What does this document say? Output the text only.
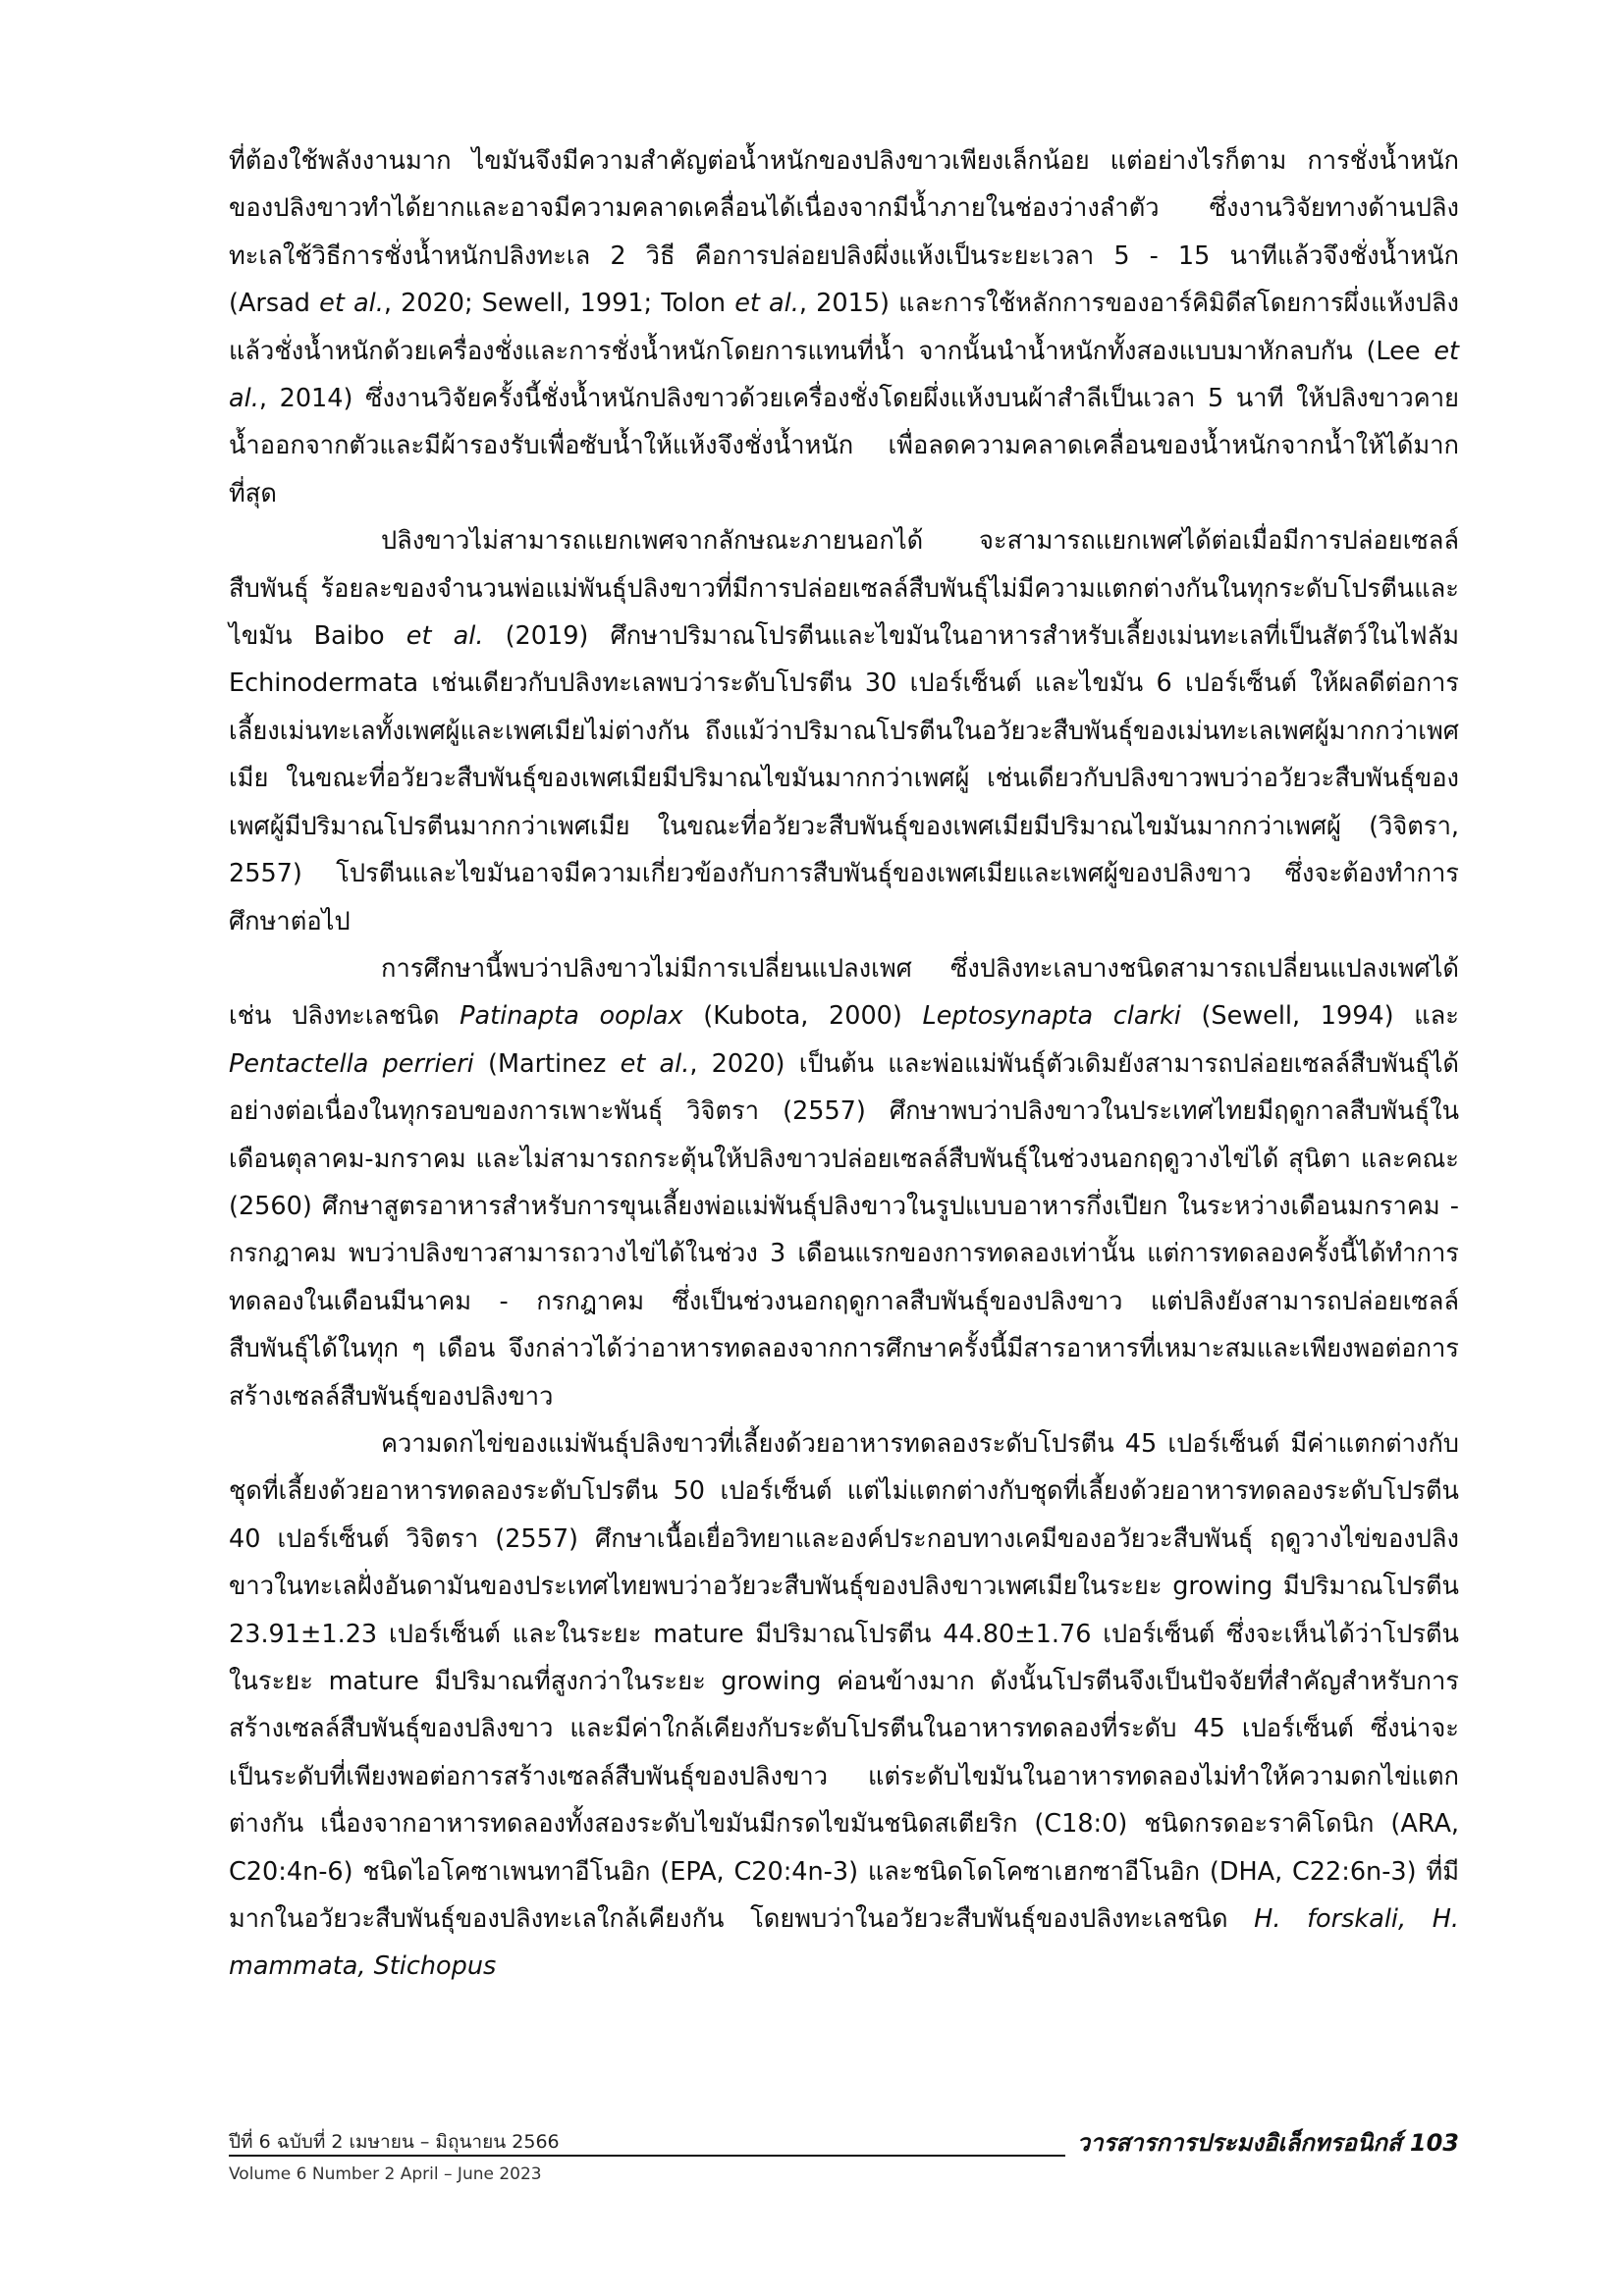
ที่ต้องใช้พลังงานมาก ไขมันจึงมีความสำคัญต่อน้ำหนักของปลิงขาวเพียงเล็กน้อย แต่อย่างไรก็ตาม การชั่งน้ำหนักของปลิงขาวทำได้ยากและอาจมีความคลาดเคลื่อนได้เนื่องจากมีน้ำภายในช่องว่างลำตัว ซึ่งงานวิจัยทางด้านปลิงทะเลใช้วิธีการชั่งน้ำหนักปลิงทะเล 2 วิธี คือการปล่อยปลิงผึ่งแห้งเป็นระยะเวลา 5 - 15 นาทีแล้วจึงชั่งน้ำหนัก (Arsad et al., 2020; Sewell, 1991; Tolon et al., 2015) และการใช้หลักการของอาร์คิมิดีสโดยการผึ่งแห้งปลิงแล้วชั่งน้ำหนักด้วยเครื่องชั่งและการชั่งน้ำหนักโดยการแทนที่น้ำ จากนั้นนำน้ำหนักทั้งสองแบบมาหักลบกัน (Lee et al., 2014) ซึ่งงานวิจัยครั้งนี้ชั่งน้ำหนักปลิงขาวด้วยเครื่องชั่งโดยผึ่งแห้งบนผ้าสำลีเป็นเวลา 5 นาที ให้ปลิงขาวคายน้ำออกจากตัวและมีผ้ารองรับเพื่อซับน้ำให้แห้งจึงชั่งน้ำหนัก เพื่อลดความคลาดเคลื่อนของน้ำหนักจากน้ำให้ได้มากที่สุด

ปลิงขาวไม่สามารถแยกเพศจากลักษณะภายนอกได้ จะสามารถแยกเพศได้ต่อเมื่อมีการปล่อยเซลล์สืบพันธุ์ ร้อยละของจำนวนพ่อแม่พันธุ์ปลิงขาวที่มีการปล่อยเซลล์สืบพันธุ์ไม่มีความแตกต่างกันในทุกระดับโปรตีนและไขมัน Baibo et al. (2019) ศึกษาปริมาณโปรตีนและไขมันในอาหารสำหรับเลี้ยงเม่นทะเลที่เป็นสัตว์ในไฟลัม Echinodermata เช่นเดียวกับปลิงทะเลพบว่าระดับโปรตีน 30 เปอร์เซ็นต์ และไขมัน 6 เปอร์เซ็นต์ ให้ผลดีต่อการเลี้ยงเม่นทะเลทั้งเพศผู้และเพศเมียไม่ต่างกัน ถึงแม้ว่าปริมาณโปรตีนในอวัยวะสืบพันธุ์ของเม่นทะเลเพศผู้มากกว่าเพศเมีย ในขณะที่อวัยวะสืบพันธุ์ของเพศเมียมีปริมาณไขมันมากกว่าเพศผู้ เช่นเดียวกับปลิงขาวพบว่าอวัยวะสืบพันธุ์ของเพศผู้มีปริมาณโปรตีนมากกว่าเพศเมีย ในขณะที่อวัยวะสืบพันธุ์ของเพศเมียมีปริมาณไขมันมากกว่าเพศผู้ (วิจิตรา, 2557) โปรตีนและไขมันอาจมีความเกี่ยวข้องกับการสืบพันธุ์ของเพศเมียและเพศผู้ของปลิงขาว ซึ่งจะต้องทำการศึกษาต่อไป

การศึกษานี้พบว่าปลิงขาวไม่มีการเปลี่ยนแปลงเพศ ซึ่งปลิงทะเลบางชนิดสามารถเปลี่ยนแปลงเพศได้ เช่น ปลิงทะเลชนิด Patinapta ooplax (Kubota, 2000) Leptosynapta clarki (Sewell, 1994) และ Pentactella perrieri (Martinez et al., 2020) เป็นต้น และพ่อแม่พันธุ์ตัวเดิมยังสามารถปล่อยเซลล์สืบพันธุ์ได้อย่างต่อเนื่องในทุกรอบของการเพาะพันธุ์ วิจิตรา (2557) ศึกษาพบว่าปลิงขาวในประเทศไทยมีฤดูกาลสืบพันธุ์ในเดือนตุลาคม-มกราคม และไม่สามารถกระตุ้นให้ปลิงขาวปล่อยเซลล์สืบพันธุ์ในช่วงนอกฤดูวางไข่ได้ สุนิตา และคณะ (2560) ศึกษาสูตรอาหารสำหรับการขุนเลี้ยงพ่อแม่พันธุ์ปลิงขาวในรูปแบบอาหารกึ่งเปียก ในระหว่างเดือนมกราคม - กรกฎาคม พบว่าปลิงขาวสามารถวางไข่ได้ในช่วง 3 เดือนแรกของการทดลองเท่านั้น แต่การทดลองครั้งนี้ได้ทำการทดลองในเดือนมีนาคม - กรกฎาคม ซึ่งเป็นช่วงนอกฤดูกาลสืบพันธุ์ของปลิงขาว แต่ปลิงยังสามารถปล่อยเซลล์สืบพันธุ์ได้ในทุก ๆ เดือน จึงกล่าวได้ว่าอาหารทดลองจากการศึกษาครั้งนี้มีสารอาหารที่เหมาะสมและเพียงพอต่อการสร้างเซลล์สืบพันธุ์ของปลิงขาว

ความดกไข่ของแม่พันธุ์ปลิงขาวที่เลี้ยงด้วยอาหารทดลองระดับโปรตีน 45 เปอร์เซ็นต์ มีค่าแตกต่างกับชุดที่เลี้ยงด้วยอาหารทดลองระดับโปรตีน 50 เปอร์เซ็นต์ แต่ไม่แตกต่างกับชุดที่เลี้ยงด้วยอาหารทดลองระดับโปรตีน 40 เปอร์เซ็นต์ วิจิตรา (2557) ศึกษาเนื้อเยื่อวิทยาและองค์ประกอบทางเคมีของอวัยวะสืบพันธุ์ ฤดูวางไข่ของปลิงขาวในทะเลฝั่งอันดามันของประเทศไทยพบว่าอวัยวะสืบพันธุ์ของปลิงขาวเพศเมียในระยะ growing มีปริมาณโปรตีน 23.91±1.23 เปอร์เซ็นต์ และในระยะ mature มีปริมาณโปรตีน 44.80±1.76 เปอร์เซ็นต์ ซึ่งจะเห็นได้ว่าโปรตีนในระยะ mature มีปริมาณที่สูงกว่าในระยะ growing ค่อนข้างมาก ดังนั้นโปรตีนจึงเป็นปัจจัยที่สำคัญสำหรับการสร้างเซลล์สืบพันธุ์ของปลิงขาว และมีค่าใกล้เคียงกับระดับโปรตีนในอาหารทดลองที่ระดับ 45 เปอร์เซ็นต์ ซึ่งน่าจะเป็นระดับที่เพียงพอต่อการสร้างเซลล์สืบพันธุ์ของปลิงขาว แต่ระดับไขมันในอาหารทดลองไม่ทำให้ความดกไข่แตกต่างกัน เนื่องจากอาหารทดลองทั้งสองระดับไขมันมีกรดไขมันชนิดสเตียริก (C18:0) ชนิดกรดอะราคิโดนิก (ARA, C20:4n-6) ชนิดไอโคซาเพนทาอีโนอิก (EPA, C20:4n-3) และชนิดโดโคซาเฮกซาอีโนอิก (DHA, C22:6n-3) ที่มีมากในอวัยวะสืบพันธุ์ของปลิงทะเลใกล้เคียงกัน โดยพบว่าในอวัยวะสืบพันธุ์ของปลิงทะเลชนิด H. forskali, H. mammata, Stichopus

ปีที่ 6 ฉบับที่ 2 เมษายน – มิถุนายน 2566	วารสารการประมงอิเล็กทรอนิกส์ 103
Volume 6 Number 2 April – June 2023
